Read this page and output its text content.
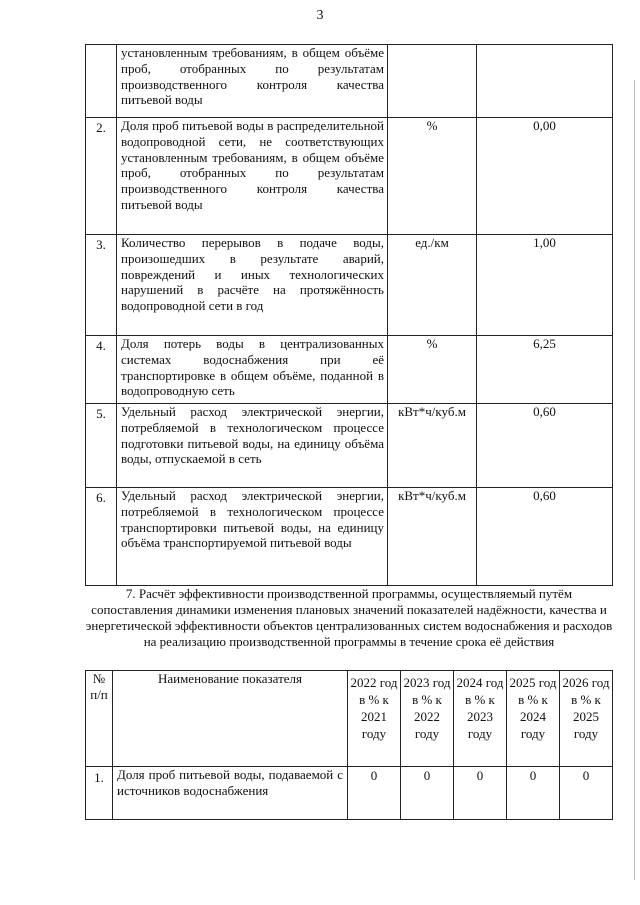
3
	установленным требованиям, в общем объёме проб, отобранных по результатам производственного контроля качества питьевой воды		
2.	Доля проб питьевой воды в распределительной водопроводной сети, не соответствующих установленным требованиям, в общем объёме проб, отобранных по результатам производственного контроля качества питьевой воды	%	0,00
3.	Количество перерывов в подаче воды, произошедших в результате аварий, повреждений и иных технологических нарушений в расчёте на протяжённость водопроводной сети в год	ед./км	1,00
4.	Доля потерь воды в централизованных системах водоснабжения при её транспортировке в общем объёме, поданной в водопроводную сеть	%	6,25
5.	Удельный расход электрической энергии, потребляемой в технологическом процессе подготовки питьевой воды, на единицу объёма воды, отпускаемой в сеть	кВт*ч/куб.м	0,60
6.	Удельный расход электрической энергии, потребляемой в технологическом процессе транспортировки питьевой воды, на единицу объёма транспортируемой питьевой воды	кВт*ч/куб.м	0,60
7. Расчёт эффективности производственной программы, осуществляемый путём сопоставления динамики изменения плановых значений показателей надёжности, качества и энергетической эффективности объектов централизованных систем водоснабжения и расходов на реализацию производственной программы в течение срока её действия
№ п/п	Наименование показателя	2022 год в % к 2021 году	2023 год в % к 2022 году	2024 год в % к 2023 году	2025 год в % к 2024 году	2026 год в % к 2025 году
1.	Доля проб питьевой воды, подаваемой с источников водоснабжения	0	0	0	0	0
